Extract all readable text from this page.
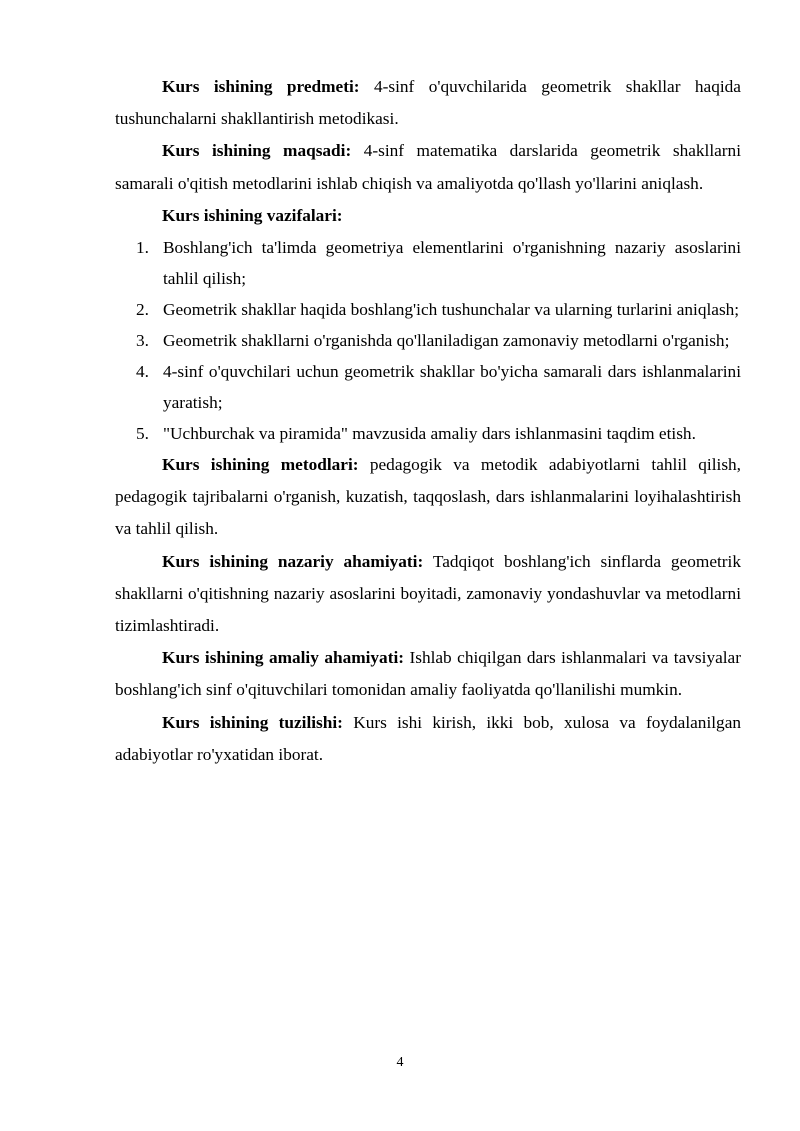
Kurs ishining predmeti: 4-sinf o'quvchilarida geometrik shakllar haqida tushunchalarni shakllantirish metodikasi.

Kurs ishining maqsadi: 4-sinf matematika darslarida geometrik shakllarni samarali o'qitish metodlarini ishlab chiqish va amaliyotda qo'llash yo'llarini aniqlash.

Kurs ishining vazifalari:

1. Boshlang'ich ta'limda geometriya elementlarini o'rganishning nazariy asoslarini tahlil qilish;
2. Geometrik shakllar haqida boshlang'ich tushunchalar va ularning turlarini aniqlash;
3. Geometrik shakllarni o'rganishda qo'llaniladigan zamonaviy metodlarni o'rganish;
4. 4-sinf o'quvchilari uchun geometrik shakllar bo'yicha samarali dars ishlanmalarini yaratish;
5. "Uchburchak va piramida" mavzusida amaliy dars ishlanmasini taqdim etish.

Kurs ishining metodlari: pedagogik va metodik adabiyotlarni tahlil qilish, pedagogik tajribalarni o'rganish, kuzatish, taqqoslash, dars ishlanmalarini loyihalashtirish va tahlil qilish.

Kurs ishining nazariy ahamiyati: Tadqiqot boshlang'ich sinflarda geometrik shakllarni o'qitishning nazariy asoslarini boyitadi, zamonaviy yondashuvlar va metodlarni tizimlashtiradi.

Kurs ishining amaliy ahamiyati: Ishlab chiqilgan dars ishlanmalari va tavsiyalar boshlang'ich sinf o'qituvchilari tomonidan amaliy faoliyatda qo'llanilishi mumkin.

Kurs ishining tuzilishi: Kurs ishi kirish, ikki bob, xulosa va foydalanilgan adabiyotlar ro'yxatidan iborat.

4
